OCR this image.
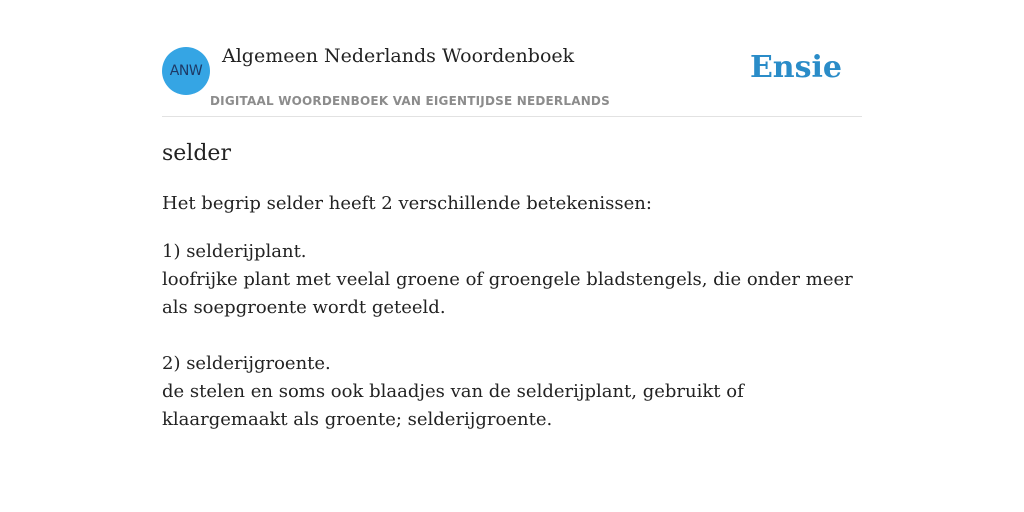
ANW
Algemeen Nederlands Woordenboek
DIGITAAL WOORDENBOEK VAN EIGENTIJDSE NEDERLANDS
Ensie
selder

Het begrip selder heeft 2 verschillende betekenissen:

1) selderijplant.
loofrijke plant met veelal groene of groengele bladstengels, die onder meer als soepgroente wordt geteeld.
2) selderijgroente.
de stelen en soms ook blaadjes van de selderijplant, gebruikt of klaargemaakt als groente; selderijgroente.
